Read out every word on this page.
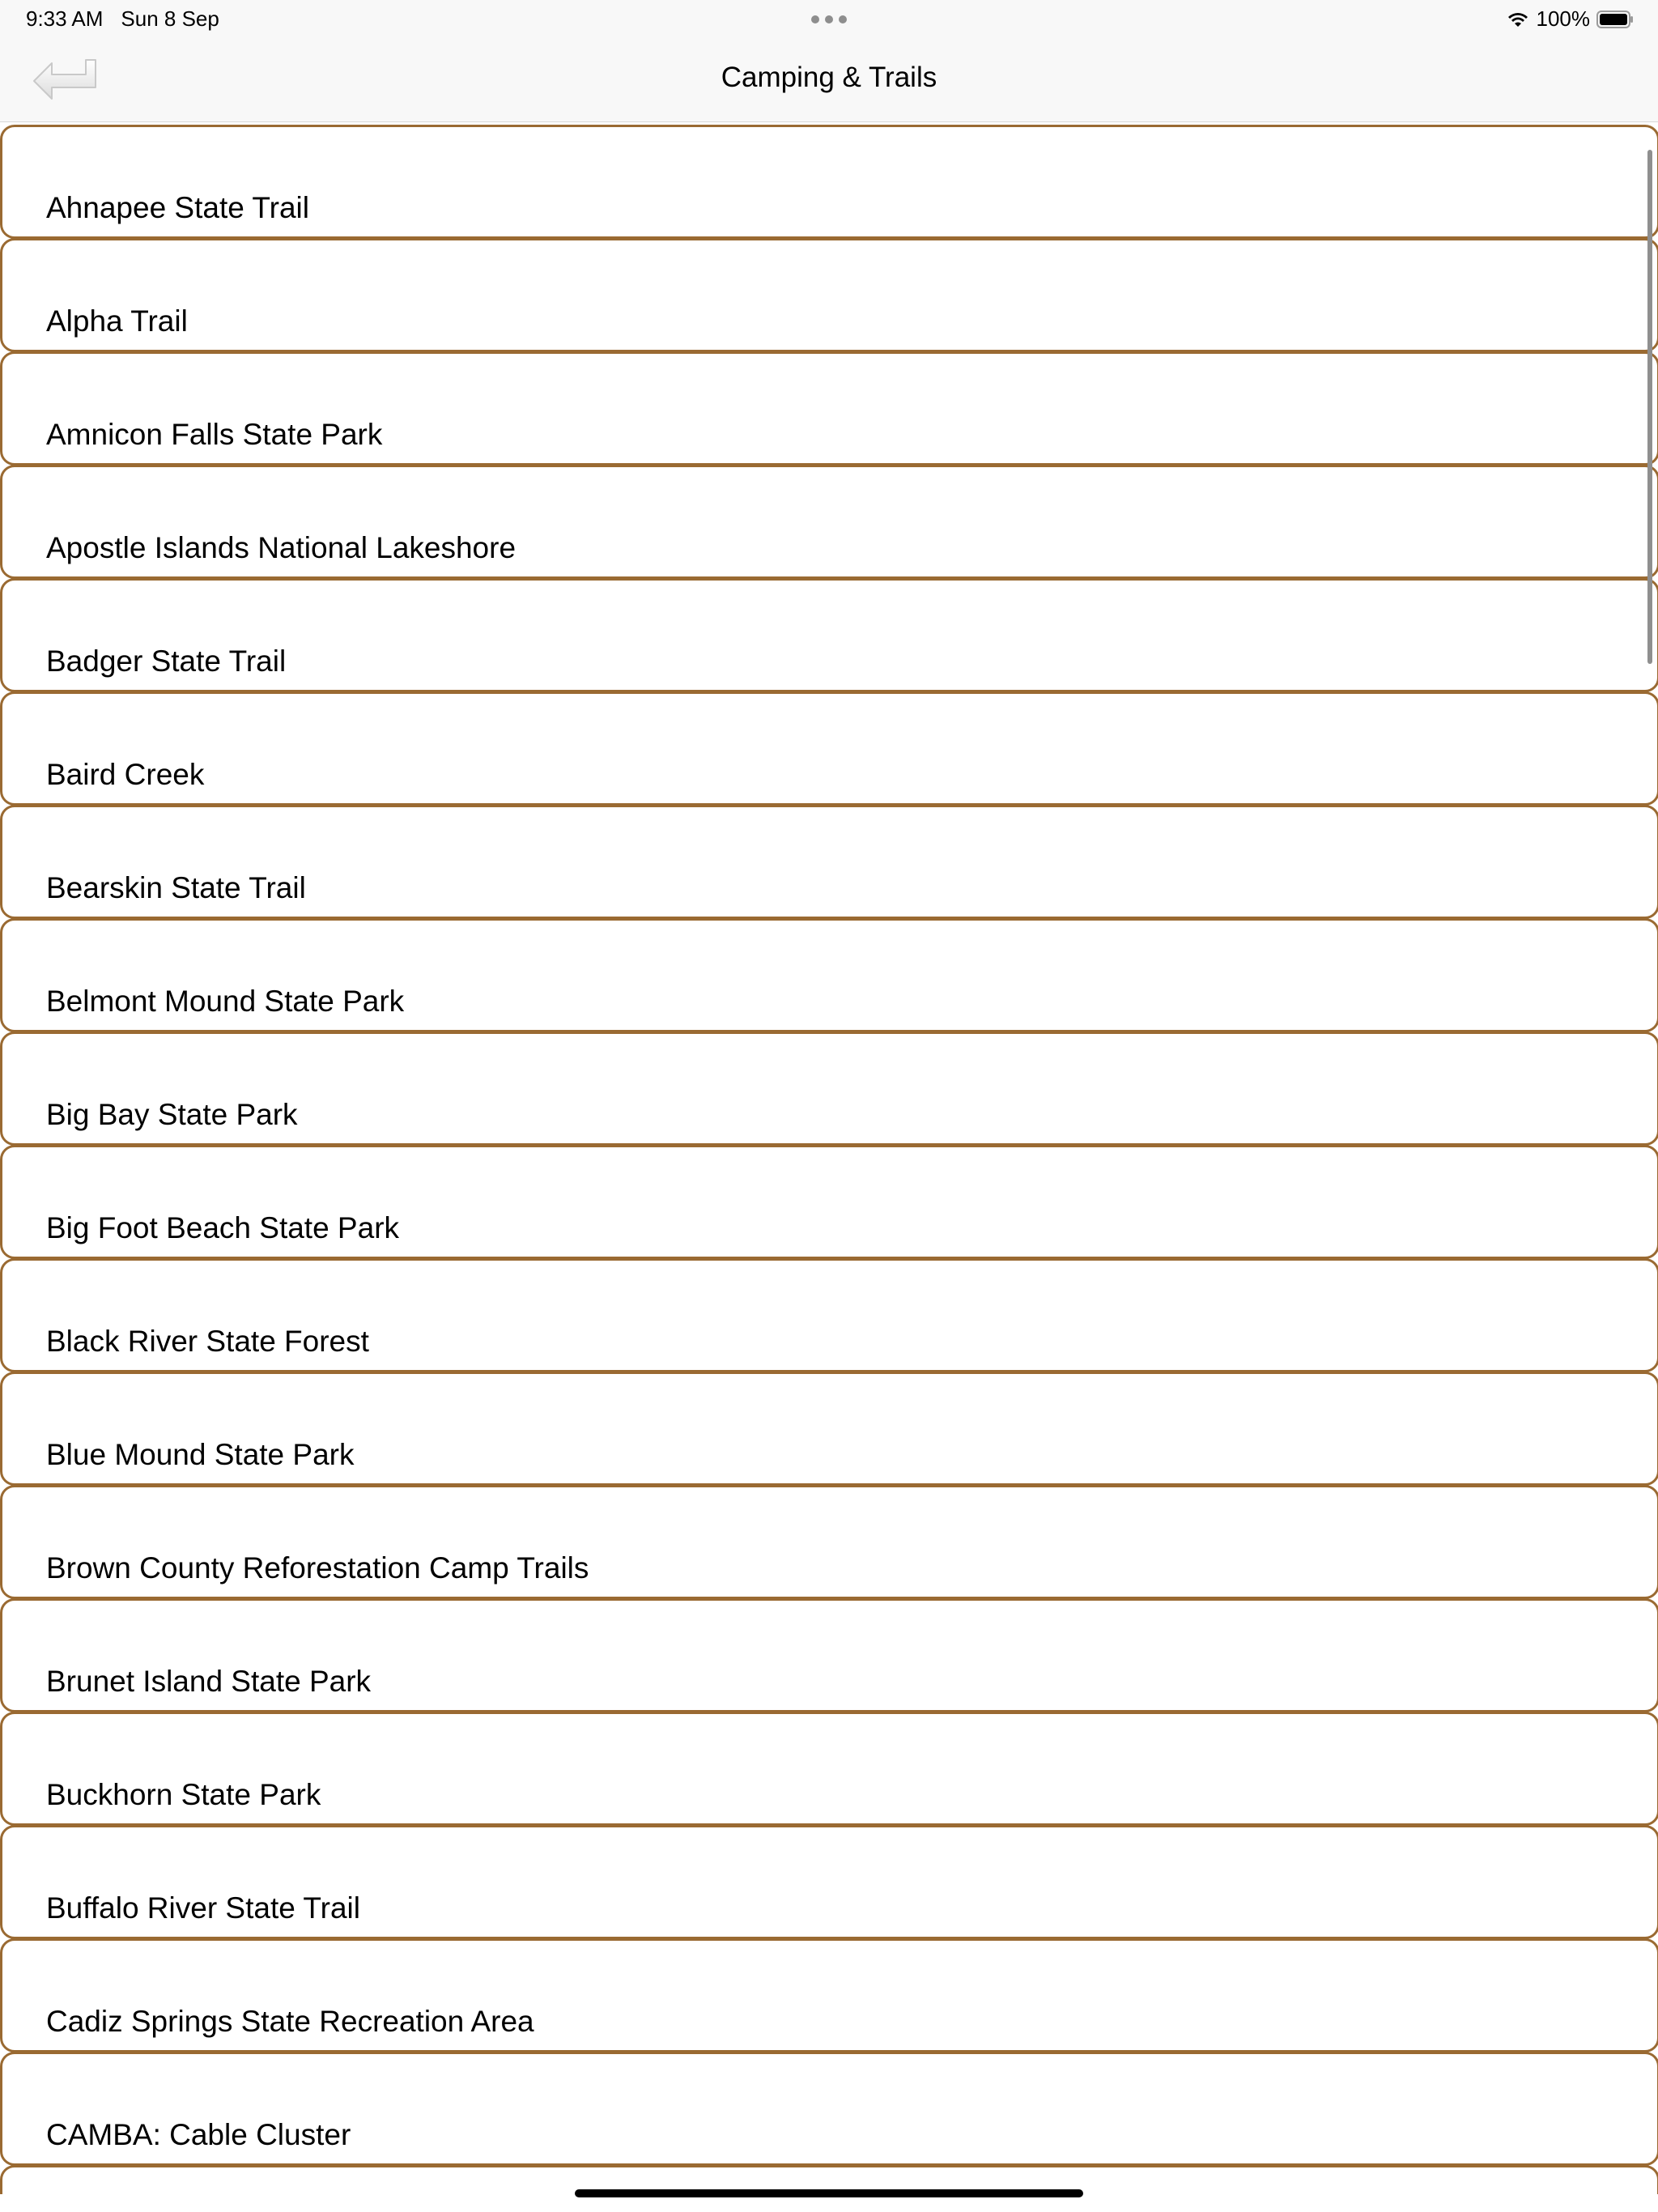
9:33 AM Sun 8 Sep	100%
Camping & Trails
Ahnapee State Trail
Alpha Trail
Amnicon Falls State Park
Apostle Islands National Lakeshore
Badger State Trail
Baird Creek
Bearskin State Trail
Belmont Mound State Park
Big Bay State Park
Big Foot Beach State Park
Black River State Forest
Blue Mound State Park
Brown County Reforestation Camp Trails
Brunet Island State Park
Buckhorn State Park
Buffalo River State Trail
Cadiz Springs State Recreation Area
CAMBA: Cable Cluster
